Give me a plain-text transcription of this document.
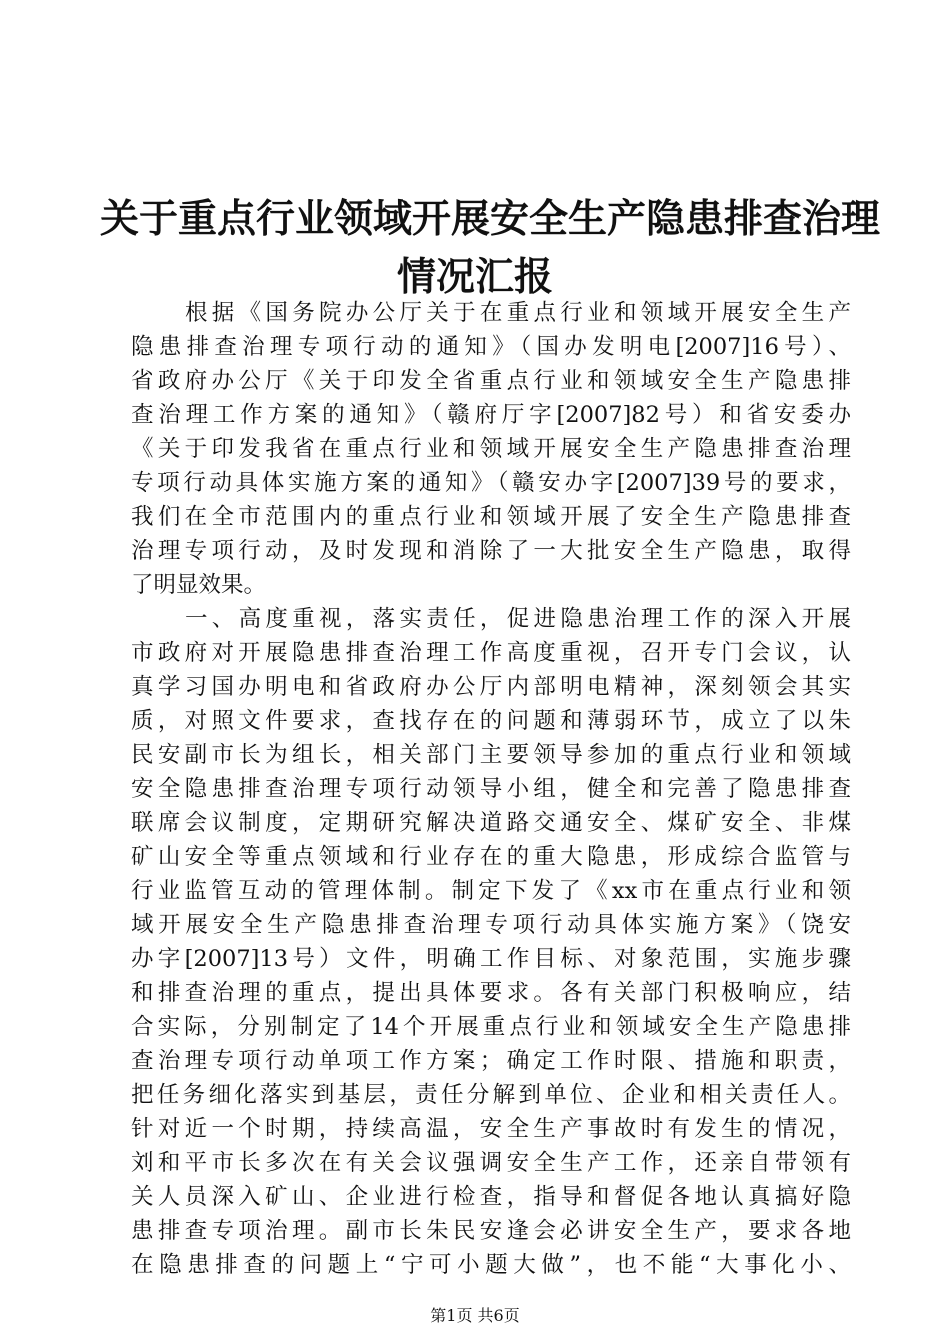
关于重点行业领域开展安全生产隐患排查治理
情况汇报
根据《国务院办公厅关于在重点行业和领域开展安全生产
隐患排查治理专项行动的通知》（国办发明电[2007]16号）、
省政府办公厅《关于印发全省重点行业和领域安全生产隐患排
查治理工作方案的通知》（赣府厅字[2007]82号）和省安委办
《关于印发我省在重点行业和领域开展安全生产隐患排查治理
专项行动具体实施方案的通知》（赣安办字[2007]39号的要求，
我们在全市范围内的重点行业和领域开展了安全生产隐患排查
治理专项行动，及时发现和消除了一大批安全生产隐患，取得
了明显效果。
一、高度重视，落实责任，促进隐患治理工作的深入开展
市政府对开展隐患排查治理工作高度重视，召开专门会议，认
真学习国办明电和省政府办公厅内部明电精神，深刻领会其实
质，对照文件要求，查找存在的问题和薄弱环节，成立了以朱
民安副市长为组长，相关部门主要领导参加的重点行业和领域
安全隐患排查治理专项行动领导小组，健全和完善了隐患排查
联席会议制度，定期研究解决道路交通安全、煤矿安全、非煤
矿山安全等重点领域和行业存在的重大隐患，形成综合监管与
行业监管互动的管理体制。制定下发了《xx市在重点行业和领
域开展安全生产隐患排查治理专项行动具体实施方案》（饶安
办字[2007]13号）文件，明确工作目标、对象范围，实施步骤
和排查治理的重点，提出具体要求。各有关部门积极响应，结
合实际，分别制定了14个开展重点行业和领域安全生产隐患排
查治理专项行动单项工作方案；确定工作时限、措施和职责，
把任务细化落实到基层，责任分解到单位、企业和相关责任人。
针对近一个时期，持续高温，安全生产事故时有发生的情况，
刘和平市长多次在有关会议强调安全生产工作，还亲自带领有
关人员深入矿山、企业进行检查，指导和督促各地认真搞好隐
患排查专项治理。副市长朱民安逢会必讲安全生产，要求各地
在隐患排查的问题上“宁可小题大做”，也不能“大事化小、
第1页 共6页
